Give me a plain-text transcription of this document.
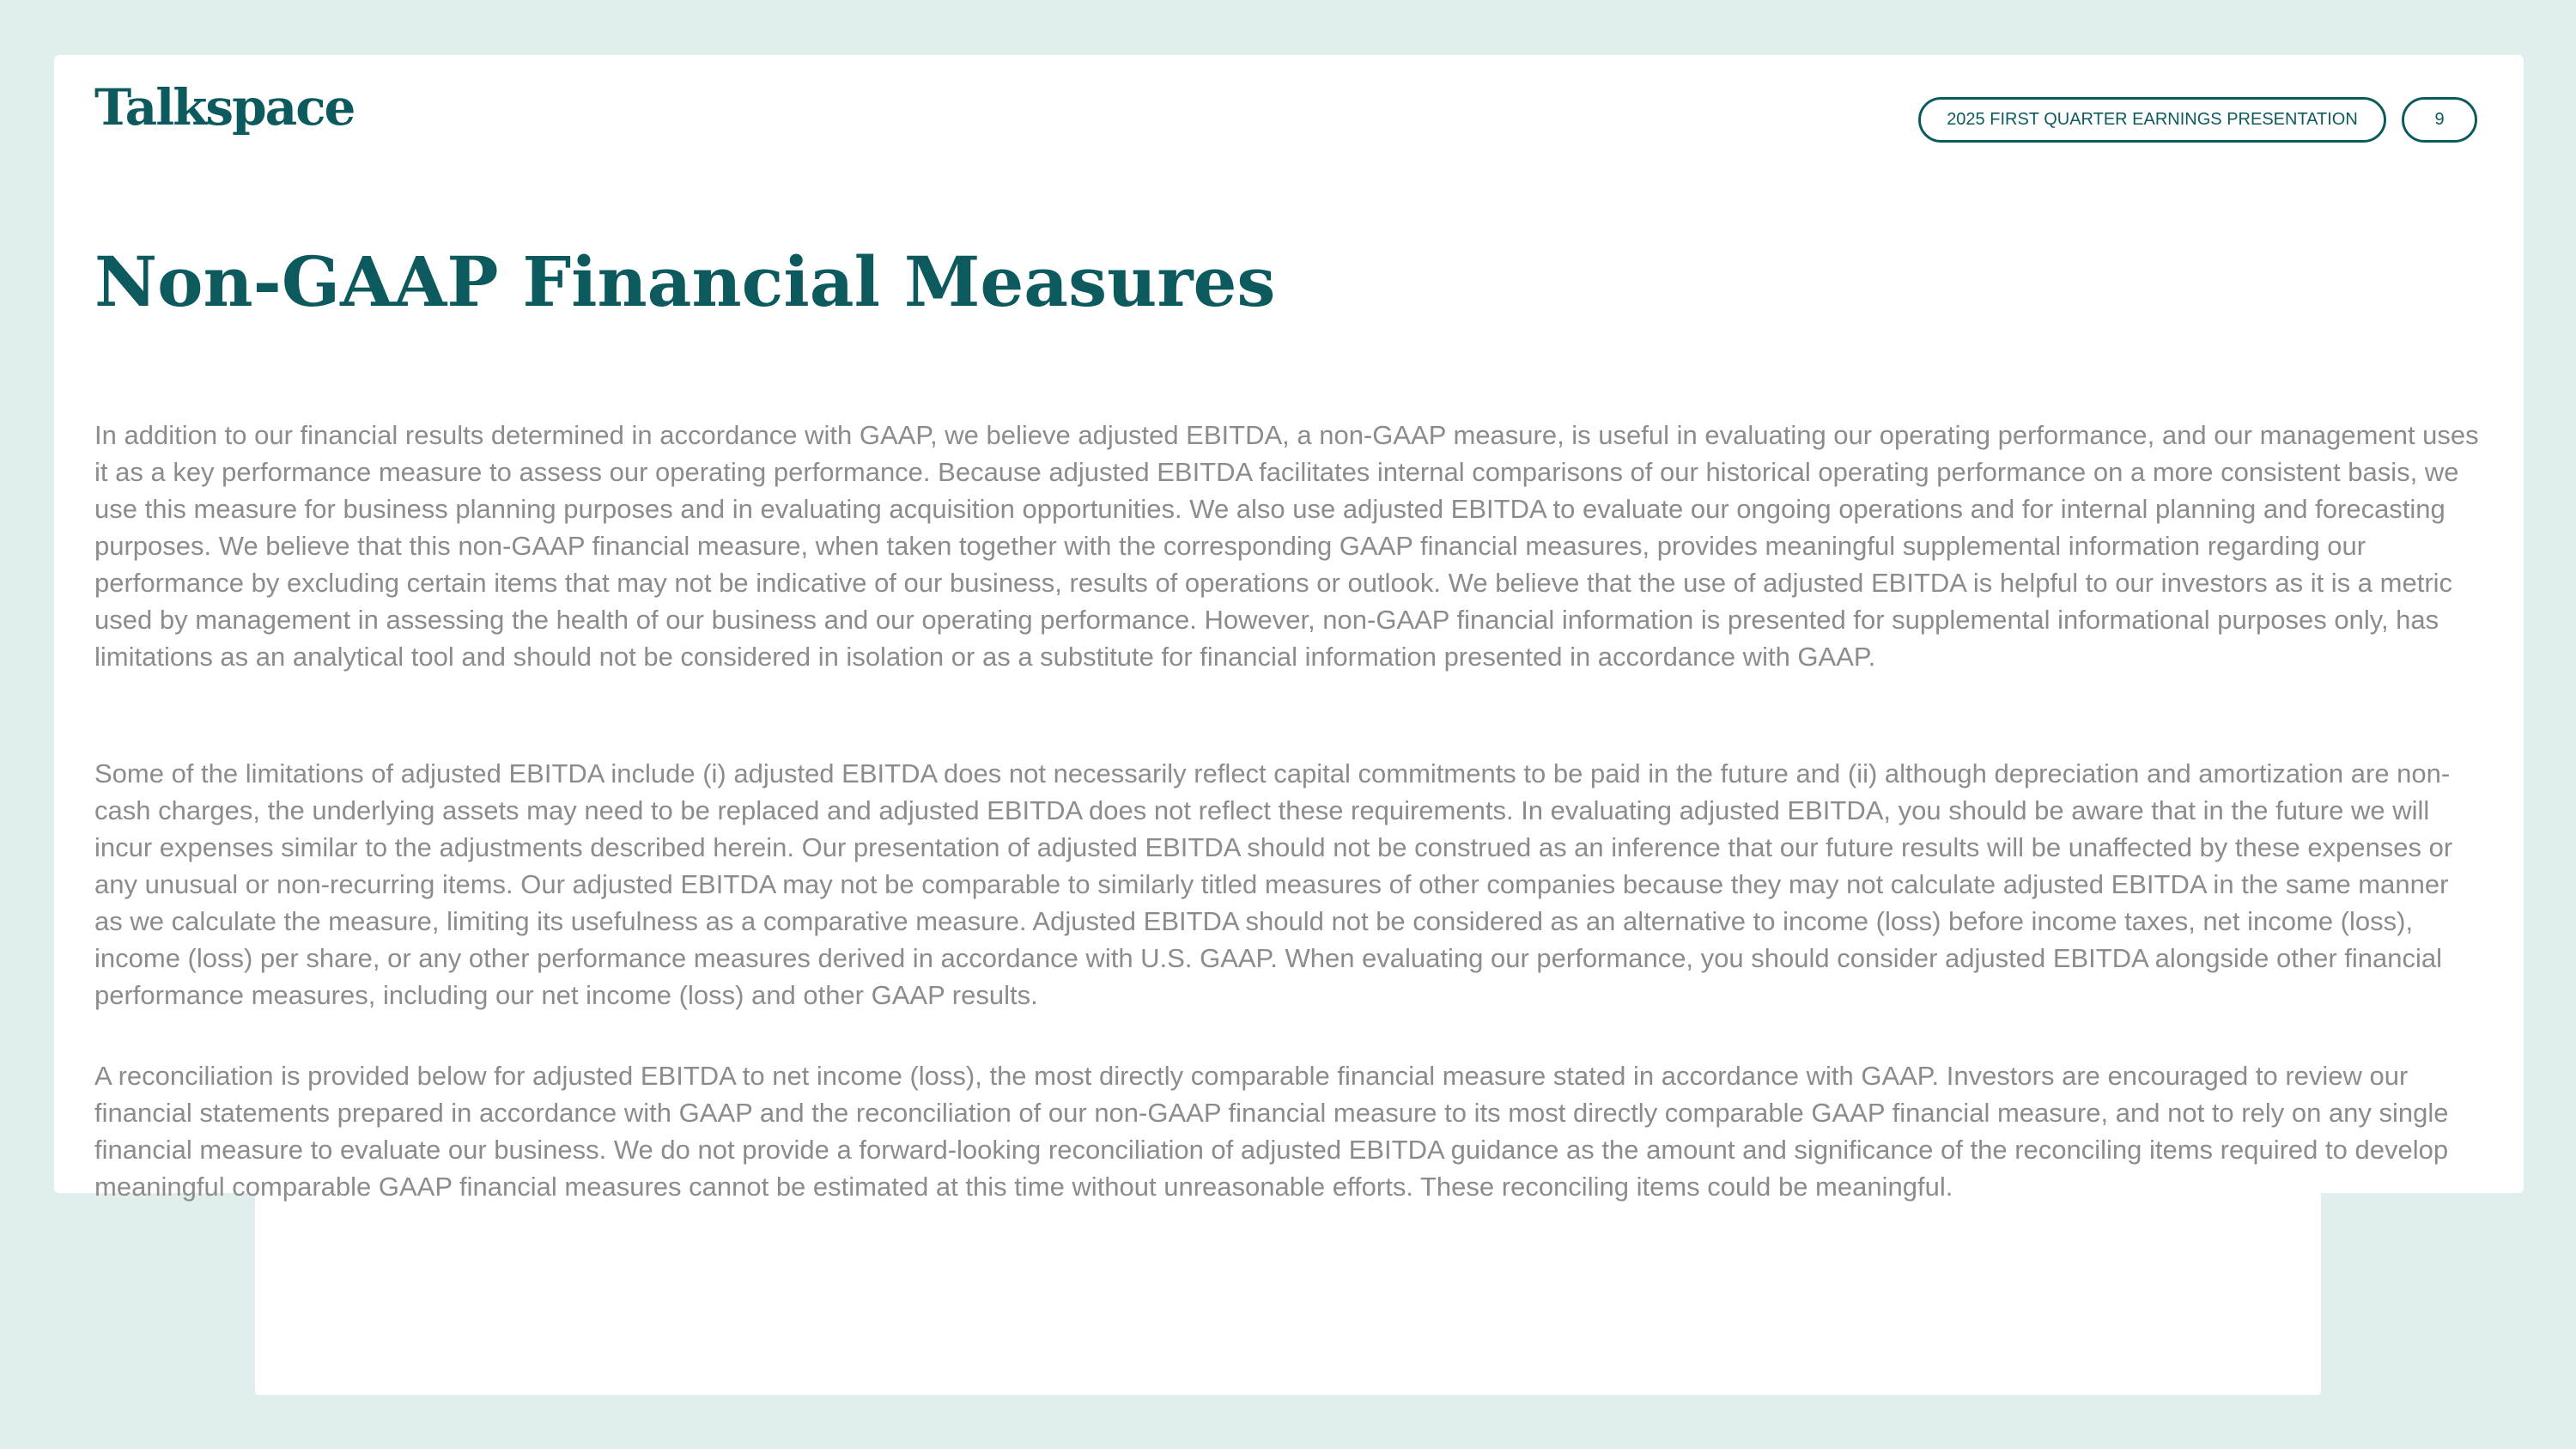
Talkspace	2025 FIRST QUARTER EARNINGS PRESENTATION	9
Non-GAAP Financial Measures

In addition to our financial results determined in accordance with GAAP, we believe adjusted EBITDA, a non-GAAP measure, is useful in evaluating our operating performance, and our management uses it as a key performance measure to assess our operating performance. Because adjusted EBITDA facilitates internal comparisons of our historical operating performance on a more consistent basis, we use this measure for business planning purposes and in evaluating acquisition opportunities. We also use adjusted EBITDA to evaluate our ongoing operations and for internal planning and forecasting purposes. We believe that this non-GAAP financial measure, when taken together with the corresponding GAAP financial measures, provides meaningful supplemental information regarding our performance by excluding certain items that may not be indicative of our business, results of operations or outlook. We believe that the use of adjusted EBITDA is helpful to our investors as it is a metric used by management in assessing the health of our business and our operating performance. However, non-GAAP financial information is presented for supplemental informational purposes only, has limitations as an analytical tool and should not be considered in isolation or as a substitute for financial information presented in accordance with GAAP.

Some of the limitations of adjusted EBITDA include (i) adjusted EBITDA does not necessarily reflect capital commitments to be paid in the future and (ii) although depreciation and amortization are non-cash charges, the underlying assets may need to be replaced and adjusted EBITDA does not reflect these requirements. In evaluating adjusted EBITDA, you should be aware that in the future we will incur expenses similar to the adjustments described herein. Our presentation of adjusted EBITDA should not be construed as an inference that our future results will be unaffected by these expenses or any unusual or non-recurring items. Our adjusted EBITDA may not be comparable to similarly titled measures of other companies because they may not calculate adjusted EBITDA in the same manner as we calculate the measure, limiting its usefulness as a comparative measure. Adjusted EBITDA should not be considered as an alternative to income (loss) before income taxes, net income (loss), income (loss) per share, or any other performance measures derived in accordance with U.S. GAAP. When evaluating our performance, you should consider adjusted EBITDA alongside other financial performance measures, including our net income (loss) and other GAAP results.

A reconciliation is provided below for adjusted EBITDA to net income (loss), the most directly comparable financial measure stated in accordance with GAAP. Investors are encouraged to review our financial statements prepared in accordance with GAAP and the reconciliation of our non-GAAP financial measure to its most directly comparable GAAP financial measure, and not to rely on any single financial measure to evaluate our business. We do not provide a forward-looking reconciliation of adjusted EBITDA guidance as the amount and significance of the reconciling items required to develop meaningful comparable GAAP financial measures cannot be estimated at this time without unreasonable efforts. These reconciling items could be meaningful.
